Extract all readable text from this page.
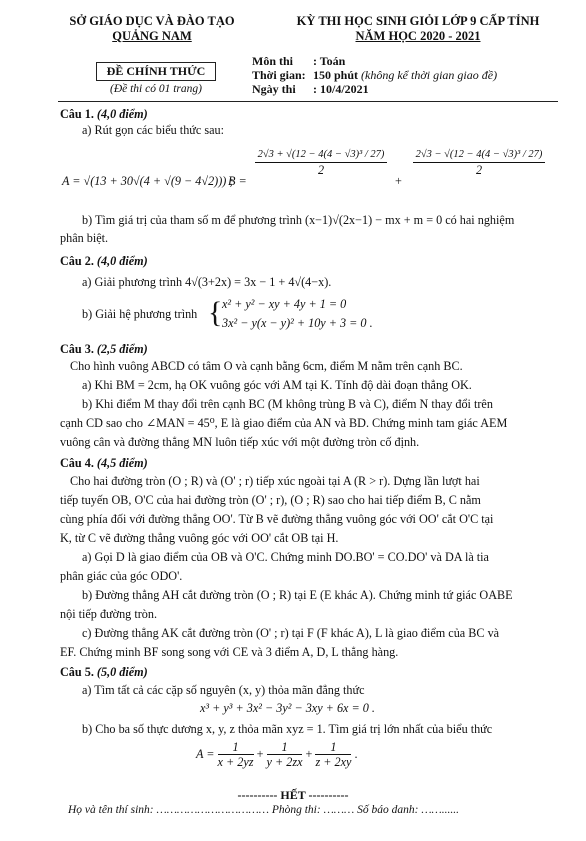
SỞ GIÁO DỤC VÀ ĐÀO TẠO
QUẢNG NAM
KỲ THI HỌC SINH GIỎI LỚP 9 CẤP TỈNH
NĂM HỌC 2020 - 2021
ĐỀ CHÍNH THỨC
(Đề thi có 01 trang)
Môn thi : Toán
Thời gian: 150 phút (không kể thời gian giao đề)
Ngày thi : 10/4/2021
Câu 1. (4,0 điểm)
a) Rút gọn các biểu thức sau:
A = √(13 + 30√(4 + √(9 − 4√2))) ;
B =
$\frac{\text{2√3 + √(12 − 4(4 − √3)³ / 27)}}{2}$
+
$\frac{\text{2√3 − √(12 − 4(4 − √3)³ / 27)}}{2}$
b) Tìm giá trị của tham số m để phương trình (x−1)√(2x−1) − mx + m = 0 có hai nghiệm
phân biệt.
Câu 2. (4,0 điểm)
a) Giải phương trình 4√(3+2x) = 3x − 1 + 4√(4−x).
b) Giải hệ phương trình { x² + y² − xy + 4y + 1 = 0
3x² − y(x − y)² + 10y + 3 = 0 .
Câu 3. (2,5 điểm)
Cho hình vuông ABCD có tâm O và cạnh bằng 6cm, điểm M nằm trên cạnh BC.
a) Khi BM = 2cm, hạ OK vuông góc với AM tại K. Tính độ dài đoạn thẳng OK.
b) Khi điểm M thay đổi trên cạnh BC (M không trùng B và C), điểm N thay đổi trên
cạnh CD sao cho ∠MAN = 45⁰, E là giao điểm của AN và BD. Chứng minh tam giác AEM
vuông cân và đường thẳng MN luôn tiếp xúc với một đường tròn cố định.
Câu 4. (4,5 điểm)
Cho hai đường tròn (O ; R) và (O' ; r) tiếp xúc ngoài tại A (R > r). Dựng lần lượt hai
tiếp tuyến OB, O'C của hai đường tròn (O' ; r), (O ; R) sao cho hai tiếp điểm B, C nằm
cùng phía đối với đường thẳng OO'. Từ B vẽ đường thẳng vuông góc với OO' cắt O'C tại
K, từ C vẽ đường thẳng vuông góc với OO' cắt OB tại H.
a) Gọi D là giao điểm của OB và O'C. Chứng minh DO.BO' = CO.DO' và DA là tia
phân giác của góc ODO'.
b) Đường thẳng AH cắt đường tròn (O ; R) tại E (E khác A). Chứng minh tứ giác OABE
nội tiếp đường tròn.
c) Đường thẳng AK cắt đường tròn (O' ; r) tại F (F khác A), L là giao điểm của BC và
EF. Chứng minh BF song song với CE và 3 điểm A, D, L thẳng hàng.
Câu 5. (5,0 điểm)
a) Tìm tất cả các cặp số nguyên (x, y) thỏa mãn đẳng thức
x³ + y³ + 3x² − 3y² − 3xy + 6x = 0 .
b) Cho ba số thực dương x, y, z thỏa mãn xyz = 1. Tìm giá trị lớn nhất của biểu thức
$A = \frac{1}{x + 2yz} + \frac{1}{y + 2zx} + \frac{1}{z + 2xy}$ .
---------- HẾT ----------
Họ và tên thí sinh: …………………………… Phòng thi: ……… Số báo danh: ……......
